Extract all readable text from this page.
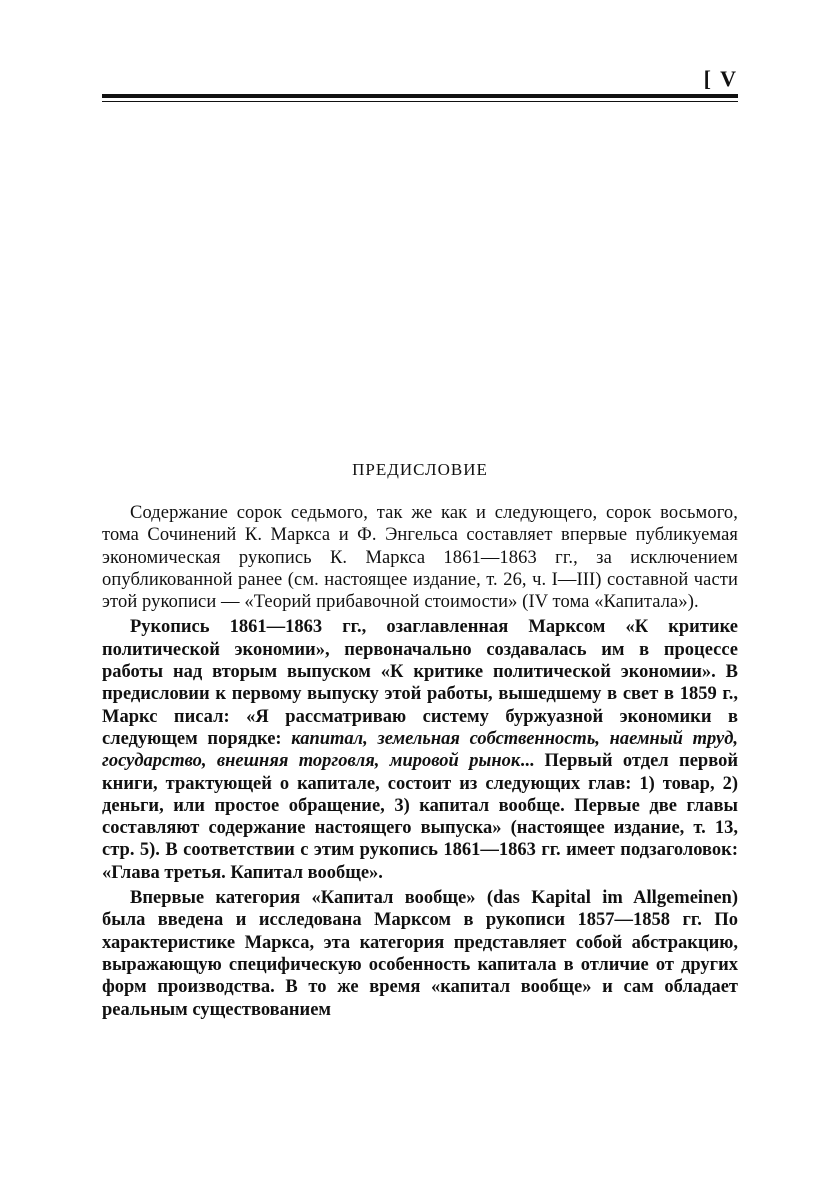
[ V
ПРЕДИСЛОВИЕ

Содержание сорок седьмого, так же как и следующего, сорок восьмого, тома Сочинений К. Маркса и Ф. Энгельса составляет впервые публикуемая экономическая рукопись К. Маркса 1861—1863 гг., за исключением опубликованной ранее (см. настоящее издание, т. 26, ч. I—III) составной части этой рукописи — «Теорий прибавочной стоимости» (IV тома «Капитала»).

Рукопись 1861—1863 гг., озаглавленная Марксом «К критике политической экономии», первоначально создавалась им в процессе работы над вторым выпуском «К критике политической экономии». В предисловии к первому выпуску этой работы, вышедшему в свет в 1859 г., Маркс писал: «Я рассматриваю систему буржуазной экономики в следующем порядке: капитал, земельная собственность, наемный труд, государство, внешняя торговля, мировой рынок... Первый отдел первой книги, трактующей о капитале, состоит из следующих глав: 1) товар, 2) деньги, или простое обращение, 3) капитал вообще. Первые две главы составляют содержание настоящего выпуска» (настоящее издание, т. 13, стр. 5). В соответствии с этим рукопись 1861—1863 гг. имеет подзаголовок: «Глава третья. Капитал вообще».

Впервые категория «Капитал вообще» (das Kapital im Allgemeinen) была введена и исследована Марксом в рукописи 1857—1858 гг. По характеристике Маркса, эта категория представляет собой абстракцию, выражающую специфическую особенность капитала в отличие от других форм производства. В то же время «капитал вообще» и сам обладает реальным существованием
